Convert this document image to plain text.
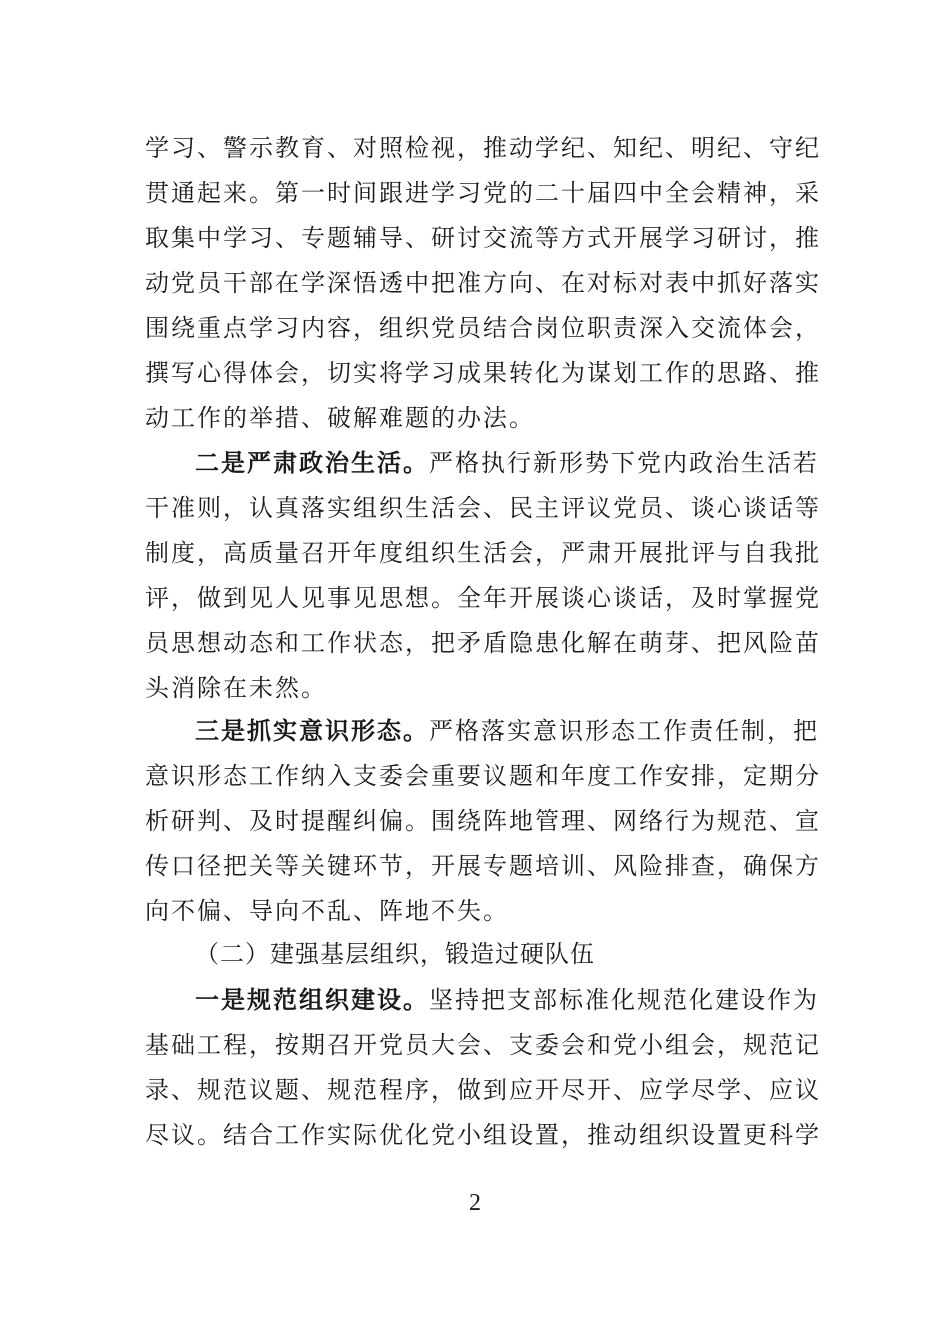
学习、警示教育、对照检视，推动学纪、知纪、明纪、守纪
贯通起来。第一时间跟进学习党的二十届四中全会精神，采
取集中学习、专题辅导、研讨交流等方式开展学习研讨，推
动党员干部在学深悟透中把准方向、在对标对表中抓好落实
围绕重点学习内容，组织党员结合岗位职责深入交流体会，
撰写心得体会，切实将学习成果转化为谋划工作的思路、推
动工作的举措、破解难题的办法。
二是严肃政治生活。严格执行新形势下党内政治生活若
干准则，认真落实组织生活会、民主评议党员、谈心谈话等
制度，高质量召开年度组织生活会，严肃开展批评与自我批
评，做到见人见事见思想。全年开展谈心谈话，及时掌握党
员思想动态和工作状态，把矛盾隐患化解在萌芽、把风险苗
头消除在未然。
三是抓实意识形态。严格落实意识形态工作责任制，把
意识形态工作纳入支委会重要议题和年度工作安排，定期分
析研判、及时提醒纠偏。围绕阵地管理、网络行为规范、宣
传口径把关等关键环节，开展专题培训、风险排查，确保方
向不偏、导向不乱、阵地不失。
（二）建强基层组织，锻造过硬队伍
一是规范组织建设。坚持把支部标准化规范化建设作为
基础工程，按期召开党员大会、支委会和党小组会，规范记
录、规范议题、规范程序，做到应开尽开、应学尽学、应议
尽议。结合工作实际优化党小组设置，推动组织设置更科学
2
